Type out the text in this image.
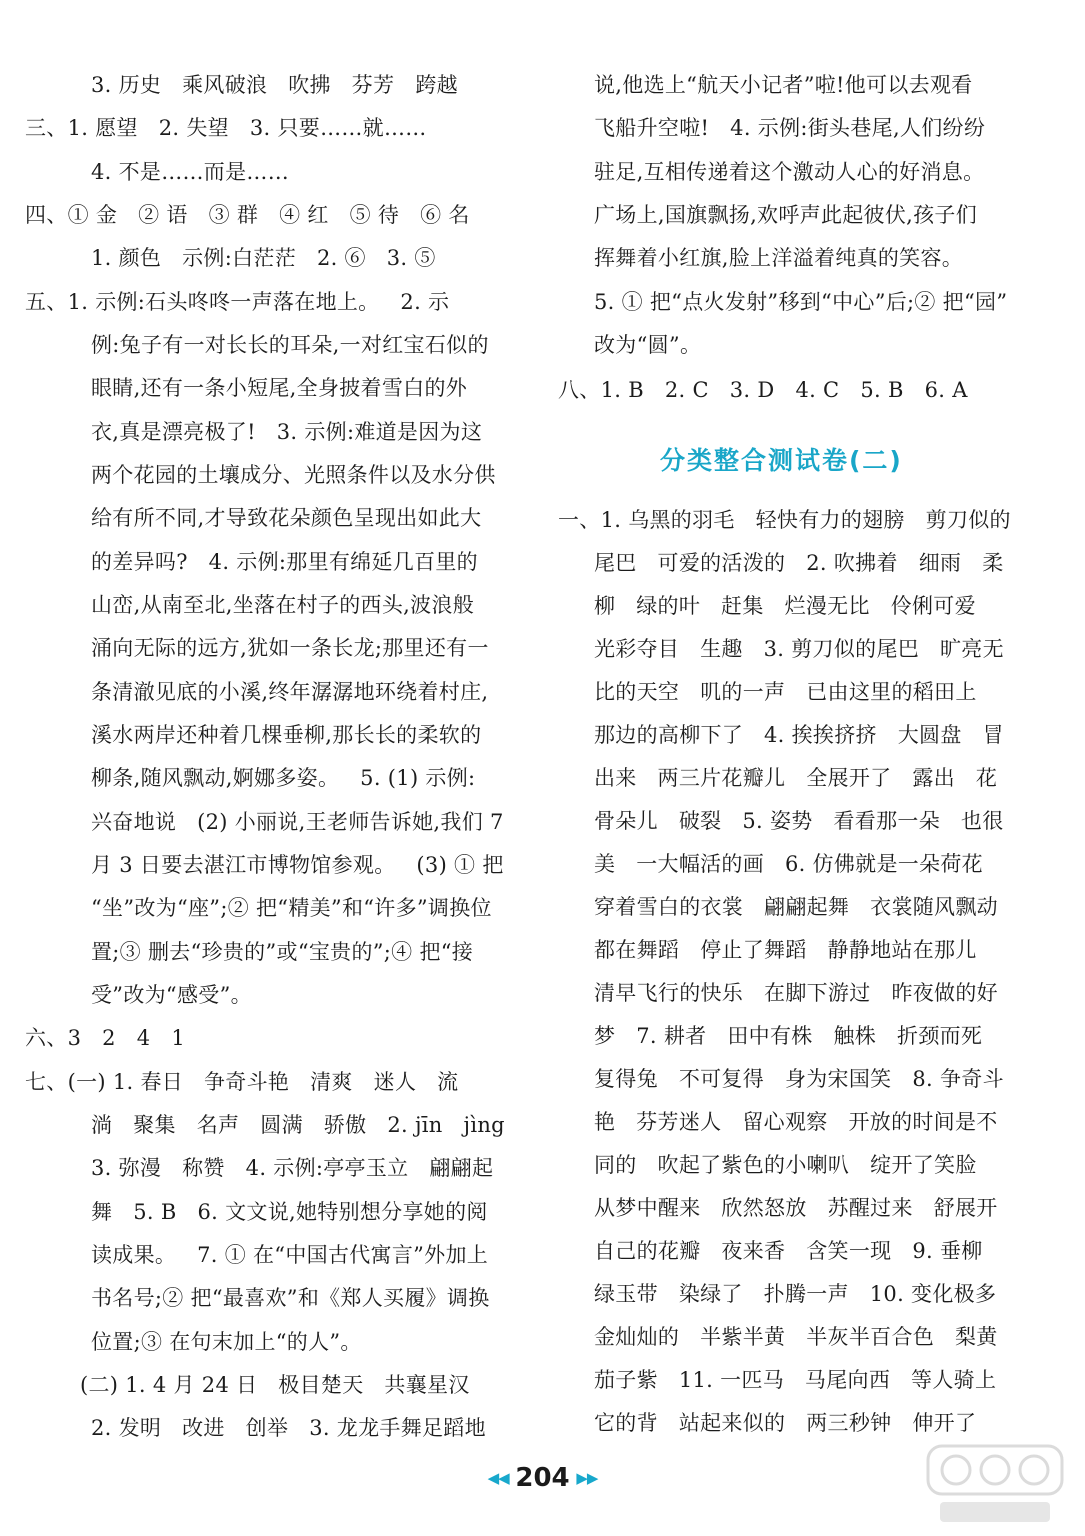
3. 历史   乘风破浪   吹拂   芬芳   跨越
三、1. 愿望   2. 失望   3. 只要……就……
4. 不是……而是……
四、① 金   ② 语   ③ 群   ④ 红   ⑤ 待   ⑥ 名
1. 颜色   示例:白茫茫   2. ⑥   3. ⑤
五、1. 示例:石头咚咚一声落在地上。   2. 示
例:兔子有一对长长的耳朵,一对红宝石似的
眼睛,还有一条小短尾,全身披着雪白的外
衣,真是漂亮极了!   3. 示例:难道是因为这
两个花园的土壤成分、光照条件以及水分供
给有所不同,才导致花朵颜色呈现出如此大
的差异吗?   4. 示例:那里有绵延几百里的
山峦,从南至北,坐落在村子的西头,波浪般
涌向无际的远方,犹如一条长龙;那里还有一
条清澈见底的小溪,终年潺潺地环绕着村庄,
溪水两岸还种着几棵垂柳,那长长的柔软的
柳条,随风飘动,婀娜多姿。   5. (1) 示例:
兴奋地说   (2) 小丽说,王老师告诉她,我们 7
月 3 日要去湛江市博物馆参观。   (3) ① 把
“坐”改为“座”;② 把“精美”和“许多”调换位
置;③ 删去“珍贵的”或“宝贵的”;④ 把“接
受”改为“感受”。
六、3   2   4   1
七、(一) 1. 春日   争奇斗艳   清爽   迷人   流
淌   聚集   名声   圆满   骄傲   2. jīn   jìng
3. 弥漫   称赞   4. 示例:亭亭玉立   翩翩起
舞   5. B   6. 文文说,她特别想分享她的阅
读成果。   7. ① 在“中国古代寓言”外加上
书名号;② 把“最喜欢”和《郑人买履》调换
位置;③ 在句末加上“的人”。
(二) 1. 4 月 24 日   极目楚天   共襄星汉
2. 发明   改进   创举   3. 龙龙手舞足蹈地
说,他选上“航天小记者”啦!他可以去观看
飞船升空啦!   4. 示例:街头巷尾,人们纷纷
驻足,互相传递着这个激动人心的好消息。
广场上,国旗飘扬,欢呼声此起彼伏,孩子们
挥舞着小红旗,脸上洋溢着纯真的笑容。
5. ① 把“点火发射”移到“中心”后;② 把“园”
改为“圆”。
八、1. B   2. C   3. D   4. C   5. B   6. A
一、1. 乌黑的羽毛   轻快有力的翅膀   剪刀似的
尾巴   可爱的活泼的   2. 吹拂着   细雨   柔
柳   绿的叶   赶集   烂漫无比   伶俐可爱
光彩夺目   生趣   3. 剪刀似的尾巴   旷亮无
比的天空   叽的一声   已由这里的稻田上
那边的高柳下了   4. 挨挨挤挤   大圆盘   冒
出来   两三片花瓣儿   全展开了   露出   花
骨朵儿   破裂   5. 姿势   看看那一朵   也很
美   一大幅活的画   6. 仿佛就是一朵荷花
穿着雪白的衣裳   翩翩起舞   衣裳随风飘动
都在舞蹈   停止了舞蹈   静静地站在那儿
清早飞行的快乐   在脚下游过   昨夜做的好
梦   7. 耕者   田中有株   触株   折颈而死
复得兔   不可复得   身为宋国笑   8. 争奇斗
艳   芬芳迷人   留心观察   开放的时间是不
同的   吹起了紫色的小喇叭   绽开了笑脸
从梦中醒来   欣然怒放   苏醒过来   舒展开
自己的花瓣   夜来香   含笑一现   9. 垂柳
绿玉带   染绿了   扑腾一声   10. 变化极多
金灿灿的   半紫半黄   半灰半百合色   梨黄
茄子紫   11. 一匹马   马尾向西   等人骑上
它的背   站起来似的   两三秒钟   伸开了
分类整合测试卷(二)
◀◀ 204 ▶▶
